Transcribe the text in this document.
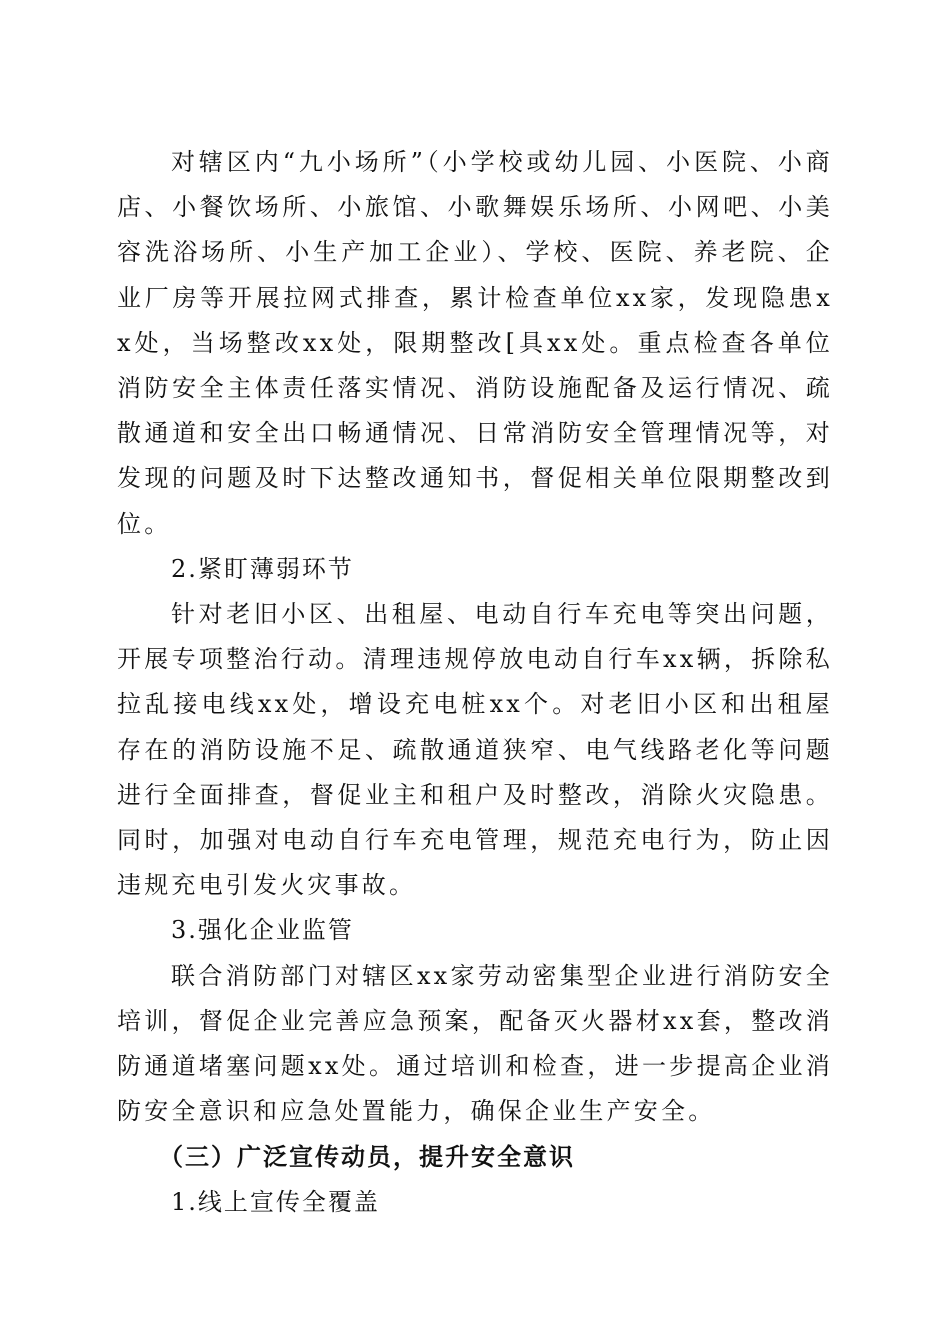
对辖区内“九小场所”（小学校或幼儿园、小医院、小商店、小餐饮场所、小旅馆、小歌舞娱乐场所、小网吧、小美容洗浴场所、小生产加工企业）、学校、医院、养老院、企业厂房等开展拉网式排查，累计检查单位xx家，发现隐患xx处，当场整改xx处，限期整改[具xx处。重点检查各单位消防安全主体责任落实情况、消防设施配备及运行情况、疏散通道和安全出口畅通情况、日常消防安全管理情况等，对发现的问题及时下达整改通知书，督促相关单位限期整改到位。

2.紧盯薄弱环节

针对老旧小区、出租屋、电动自行车充电等突出问题，开展专项整治行动。清理违规停放电动自行车xx辆，拆除私拉乱接电线xx处，增设充电桩xx个。对老旧小区和出租屋存在的消防设施不足、疏散通道狭窄、电气线路老化等问题进行全面排查，督促业主和租户及时整改，消除火灾隐患。同时，加强对电动自行车充电管理，规范充电行为，防止因违规充电引发火灾事故。

3.强化企业监管

联合消防部门对辖区xx家劳动密集型企业进行消防安全培训，督促企业完善应急预案，配备灭火器材xx套，整改消防通道堵塞问题xx处。通过培训和检查，进一步提高企业消防安全意识和应急处置能力，确保企业生产安全。

（三）广泛宣传动员，提升安全意识

1.线上宣传全覆盖
